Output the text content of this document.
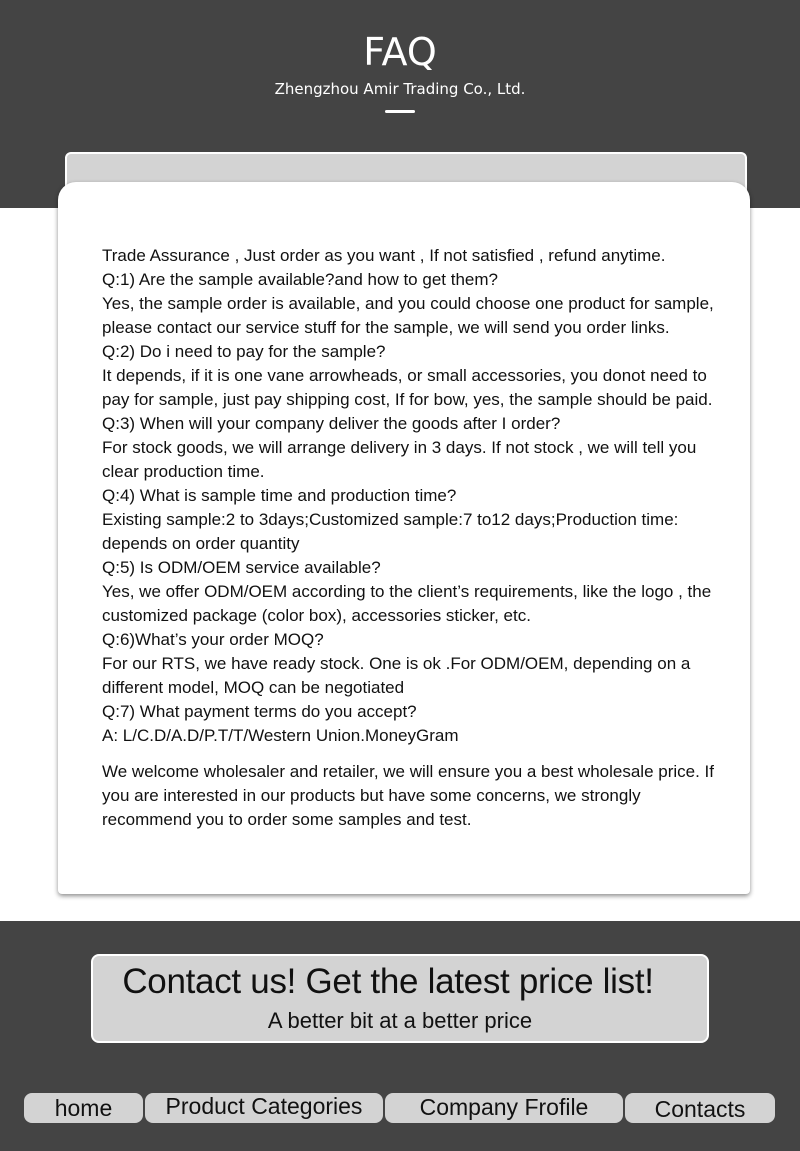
FAQ
Zhengzhou Amir Trading Co., Ltd.

Trade Assurance , Just order as you want , If not satisfied , refund anytime.

Q:1) Are the sample available?and how to get them?

Yes, the sample order is available, and you could choose one product for sample, please contact our service stuff for the sample, we will send you order links.

Q:2) Do i need to pay for the sample?

It depends, if it is one vane arrowheads, or small accessories, you donot need to pay for sample, just pay shipping cost, If for bow, yes, the sample should be paid.

Q:3) When will your company deliver the goods after I order?

For stock goods, we will arrange delivery in 3 days. If not stock , we will tell you clear production time.

Q:4) What is sample time and production time?

Existing sample:2 to 3days;Customized sample:7 to12 days;Production time: depends on order quantity

Q:5) Is ODM/OEM service available?

Yes, we offer ODM/OEM according to the client’s requirements, like the logo , the customized package (color box), accessories sticker, etc.

Q:6)What’s your order MOQ?

For our RTS, we have ready stock. One is ok .For ODM/OEM, depending on a different model, MOQ can be negotiated

Q:7) What payment terms do you accept?

A: L/C.D/A.D/P.T/T/Western Union.MoneyGram

We welcome wholesaler and retailer, we will ensure you a best wholesale price. If you are interested in our products but have some concerns, we strongly recommend you to order some samples and test.

Contact us! Get the latest price list!
A better bit at a better price
home	Product Categories	Company Frofile	Contacts
